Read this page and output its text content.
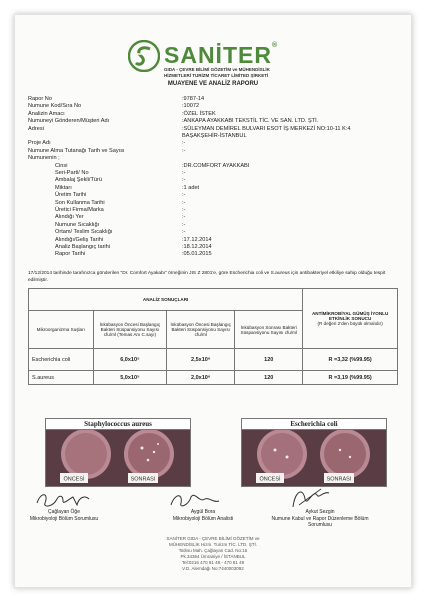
SANİTER®
GIDA - ÇEVRE BİLİMİ GÖZETİM ve MÜHENDİSLİK
HİZMETLERİ TURİZM TİCARET LİMİTED ŞİRKETİ
MUAYENE VE ANALİZ RAPORU
Rapor No	:9787-14
Numune Kod/Sıra No	:10072
Analizin Amacı	:ÖZEL İSTEK
Numuneyi Gönderen/Müşteri Adı	:ANKAPA AYAKKABI TEKSTİL TİC. VE SAN. LTD. ŞTİ.
Adresi	:SÜLEYMAN DEMİREL BULVARI ESOT İŞ MERKEZİ NO:10-11 K:4
BAŞAKŞEHİR-İSTANBUL
Proje Adı	:-
Numune Alma Tutanağı Tarih ve Sayısı	:-
Numunenin ;
Cinsi	:DR.COMFORT AYAKKABI
Seri-Parti/ No	:-
Ambalaj Şekli/Türü	:-
Miktarı	:1 adet
Üretim Tarihi	:-
Son Kullanma Tarihi	:-
Üretici Firma/Marka	:-
Alındığı Yer	:-
Numune Sıcaklığı	:-
Ortam/ Teslim Sıcaklığı	:-
Alındığı/Geliş Tarihi	:17.12.2014
Analiz Başlangıç tarihi	:18.12.2014
Rapor Tarihi	:05.01.2015
17/12/2014 tarihinde tarafınızca gönderilen "Dr. Comfort Ayakabı" örneğinin JIS Z 2801'e, göre Escherichia coli ve S.aureus için antibakteriyel etkiliye sahip olduğu tespit edilmiştir.
ANALİZ SONUÇLARI				ANTİMİKROBİYAL GÜMÜŞ İYONLU ETKİNLİK SONUCU
(R değeri 2'den büyük olmalıdır)

Mikroorganizma Suşları	İnkübasyon Öncesi Başlangıç Bakteri Süspansiyonu Sayısı cfu/ml (Temas Anı C.sayı)	İnkübasyon Öncesi Başlangıç Bakteri Süspansiyonu Sayısı cfu/ml	İnkübasyon Sonrası Bakteri Süspansiyonu Sayısı cfu/ml	
Escherichia coli	6,0x10⁵	2,5x10⁶	120	R =3,32 (%99.95)
S.aureus	5,0x10⁵	2,0x10⁶	120	R =3,19 (%99.95)
Staphylococcus aureus
ÖNCESİ	SONRASI
Escherichia coli
ÖNCESİ	SONRASI
Çağlayan Öğe
Mikrobiyoloji Bölüm Sorumlusu
Aygül Bora
Mikrobiyoloji Bölüm Analisti
Aykut Sezgin
Numune Kabul ve Rapor Düzenleme Bölüm Sorumlusu
SANİTER GIDA - ÇEVRE BİLİMİ GÖZETİM ve
MÜHENDİSLİK Hizm. Turizm TİC. LTD. ŞTİ.
Tatlısu Mah. Çağlayan Cad. No:15
Pk.34364 Ümraniye / İSTANBUL
Tel:0216 470 81 48 - 470 81 49
V.D. Alemdağı No:7440003092
